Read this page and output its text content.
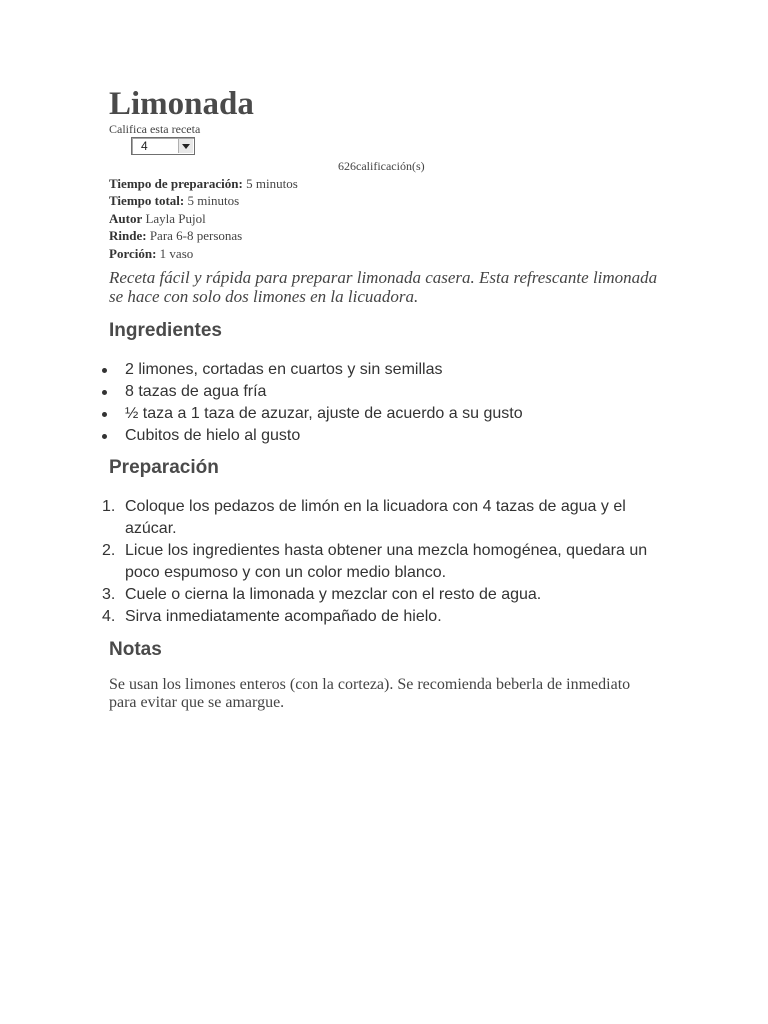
Limonada
Califica esta receta
4
626calificación(s)
Tiempo de preparación: 5 minutos
Tiempo total: 5 minutos
Autor Layla Pujol
Rinde: Para 6-8 personas
Porción: 1 vaso

Receta fácil y rápida para preparar limonada casera. Esta refrescante limonada se hace con solo dos limones en la licuadora.

Ingredientes
2 limones, cortadas en cuartos y sin semillas
8 tazas de agua fría
½ taza a 1 taza de azuzar, ajuste de acuerdo a su gusto
Cubitos de hielo al gusto
Preparación
1. Coloque los pedazos de limón en la licuadora con 4 tazas de agua y el azúcar.
2. Licue los ingredientes hasta obtener una mezcla homogénea, quedara un poco espumoso y con un color medio blanco.
3. Cuele o cierna la limonada y mezclar con el resto de agua.
4. Sirva inmediatamente acompañado de hielo.
Notas

Se usan los limones enteros (con la corteza). Se recomienda beberla de inmediato para evitar que se amargue.
